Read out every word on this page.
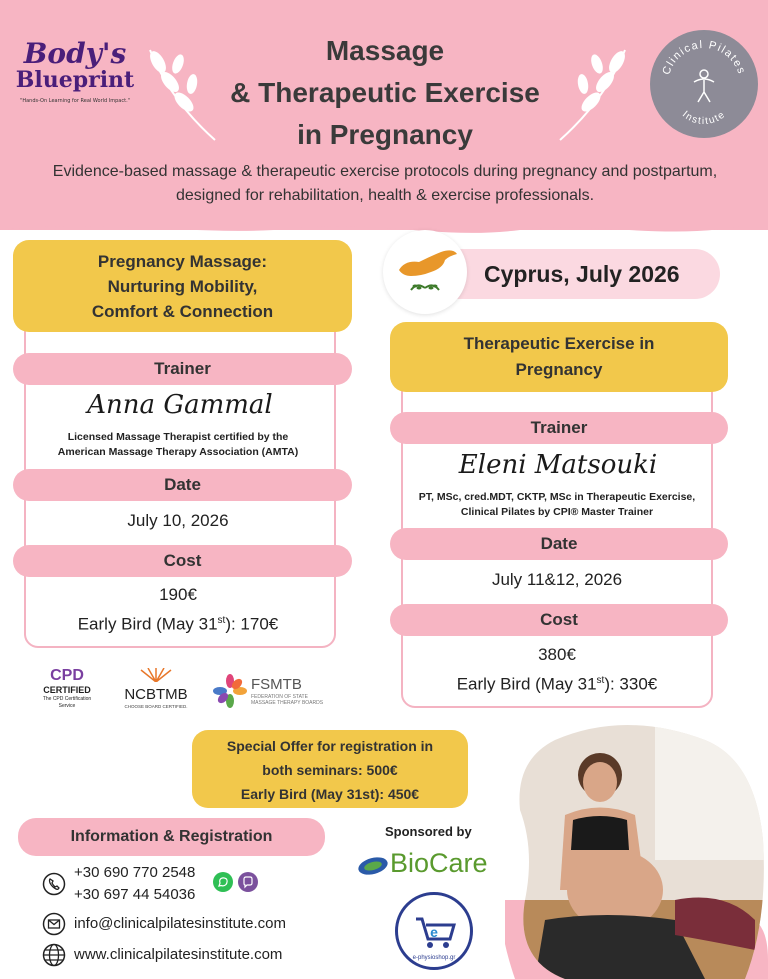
Body's
Blueprint
"Hands-On Learning for Real World Impact."
Massage
& Therapeutic Exercise
in Pregnancy
Clinical Pilates
Institute
Evidence-based massage & therapeutic exercise protocols during pregnancy and postpartum,
designed for rehabilitation, health & exercise professionals.
Pregnancy Massage:
Nurturing Mobility,
Comfort & Connection
Trainer
Anna Gammal
Licensed Massage Therapist certified by the
American Massage Therapy Association (AMTA)
Date
July 10, 2026
Cost
190€
Early Bird (May 31st): 170€
Cyprus, July 2026
Therapeutic Exercise in
Pregnancy
Trainer
Eleni Matsouki
PT, MSc, cred.MDT, CKTP, MSc in Therapeutic Exercise,
Clinical Pilates by CPI® Master Trainer
Date
July 11&12, 2026
Cost
380€
Early Bird (May 31st): 330€
CPD
CERTIFIED
The CPD Certification Service
NCBTMB
CHOOSE BOARD CERTIFIED.
FSMTB
FEDERATION OF STATE
MASSAGE THERAPY BOARDS
Special Offer for registration in
both seminars: 500€
Early Bird (May 31st): 450€
Information & Registration
+30 690 770 2548
+30 697 44 54036
info@clinicalpilatesinstitute.com
www.clinicalpilatesinstitute.com
Sponsored by
BioCare
e
e-physioshop.gr
